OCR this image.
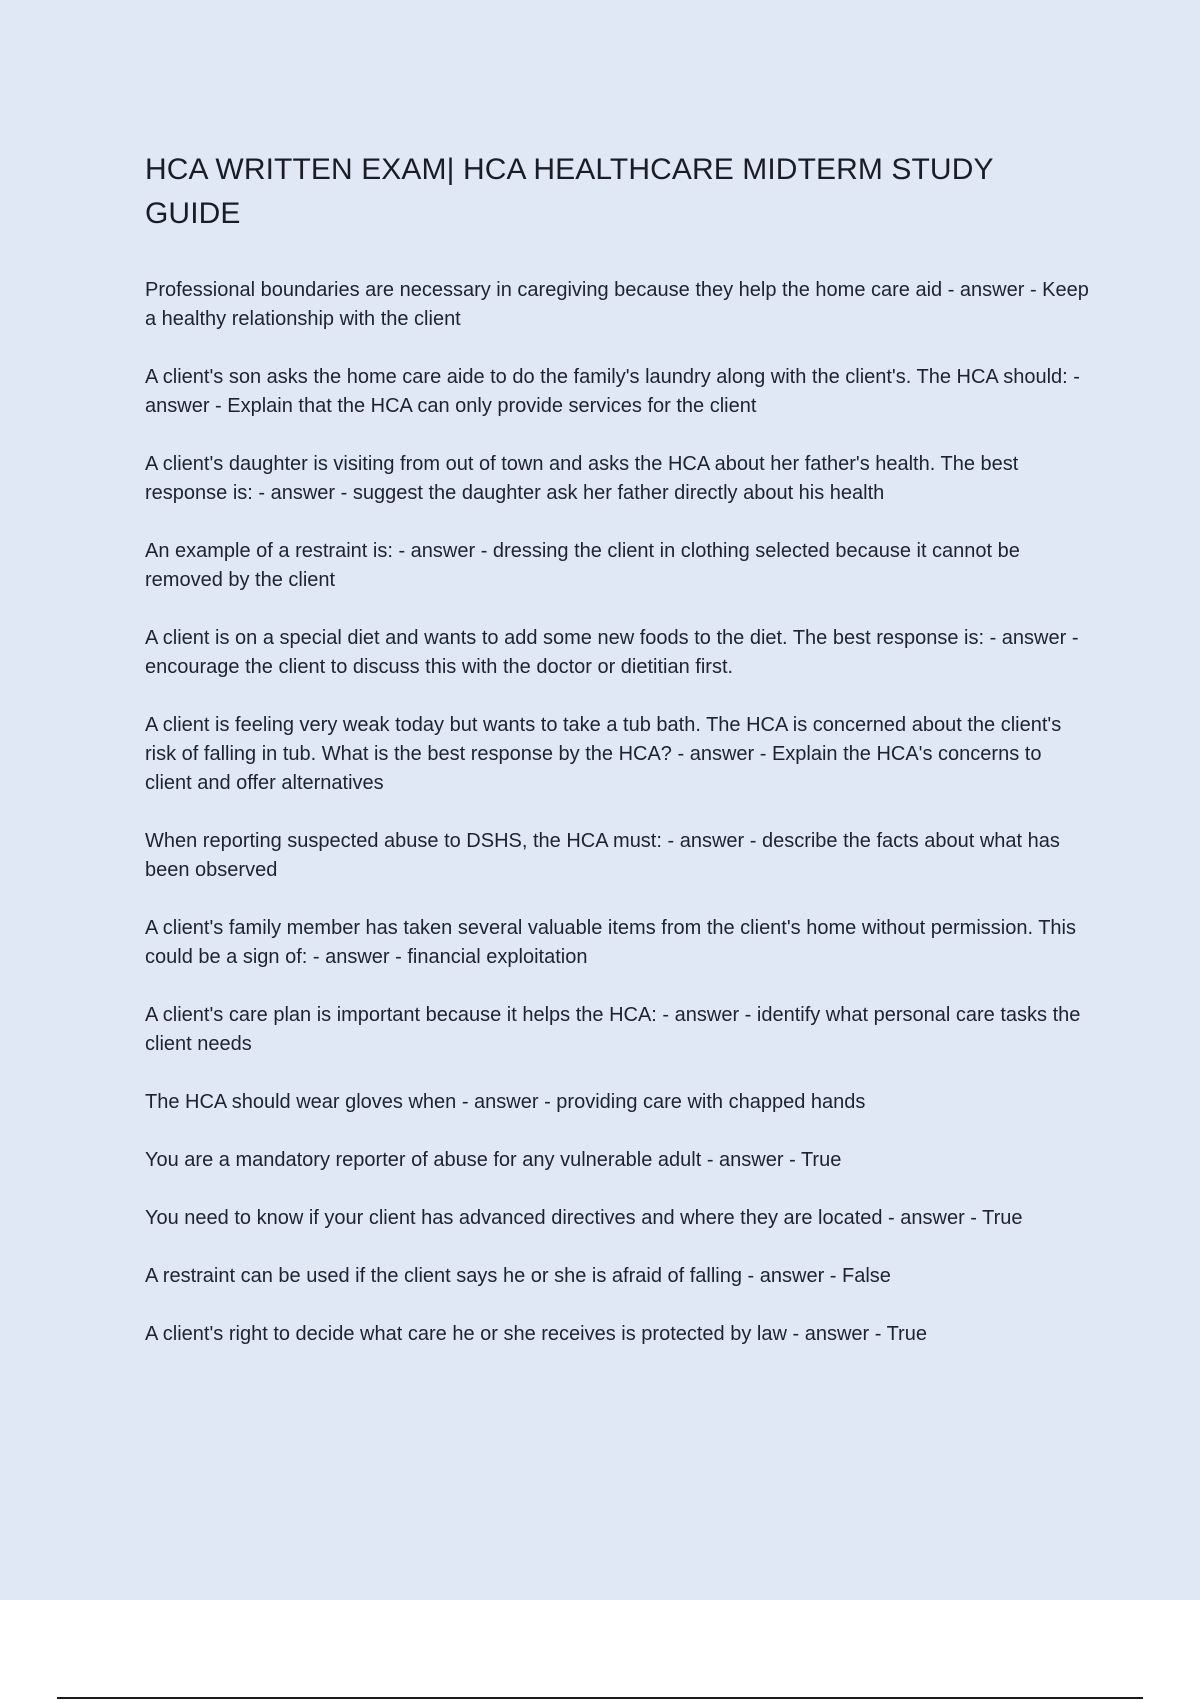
HCA WRITTEN EXAM| HCA HEALTHCARE MIDTERM STUDY GUIDE
Professional boundaries are necessary in caregiving because they help the home care aid - answer - Keep a healthy relationship with the client
A client's son asks the home care aide to do the family's laundry along with the client's. The HCA should: - answer - Explain that the HCA can only provide services for the client
A client's daughter is visiting from out of town and asks the HCA about her father's health. The best response is: - answer - suggest the daughter ask her father directly about his health
An example of a restraint is: - answer - dressing the client in clothing selected because it cannot be removed by the client
A client is on a special diet and wants to add some new foods to the diet. The best response is: - answer - encourage the client to discuss this with the doctor or dietitian first.
A client is feeling very weak today but wants to take a tub bath. The HCA is concerned about the client's risk of falling in tub. What is the best response by the HCA? - answer - Explain the HCA's concerns to client and offer alternatives
When reporting suspected abuse to DSHS, the HCA must: - answer - describe the facts about what has been observed
A client's family member has taken several valuable items from the client's home without permission. This could be a sign of: - answer - financial exploitation
A client's care plan is important because it helps the HCA: - answer - identify what personal care tasks the client needs
The HCA should wear gloves when - answer - providing care with chapped hands
You are a mandatory reporter of abuse for any vulnerable adult - answer - True
You need to know if your client has advanced directives and where they are located - answer - True
A restraint can be used if the client says he or she is afraid of falling - answer - False
A client's right to decide what care he or she receives is protected by law - answer - True
